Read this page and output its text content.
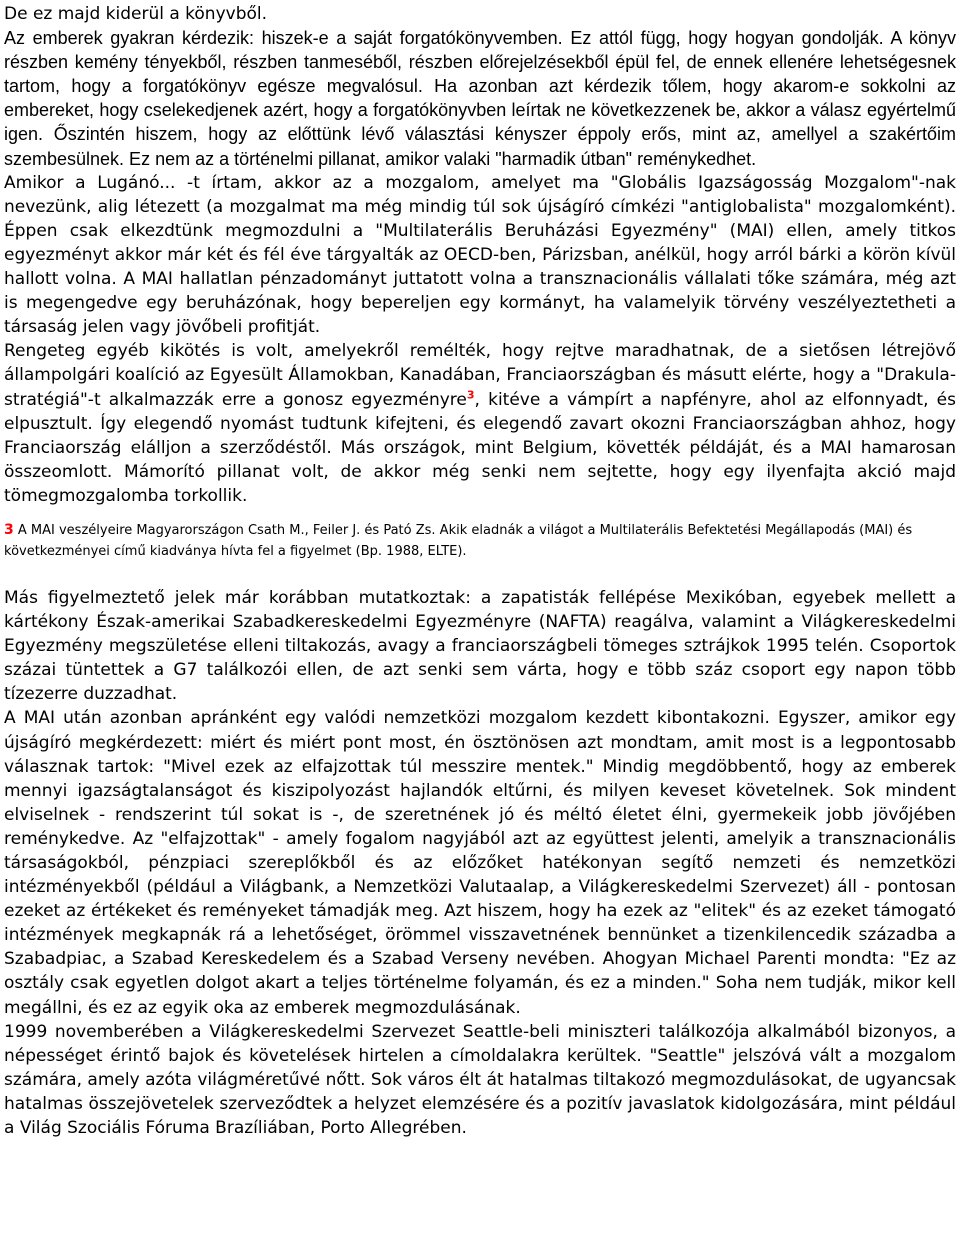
De ez majd kiderül a könyvből.

Az emberek gyakran kérdezik: hiszek-e a saját forgatókönyvemben. Ez attól függ, hogy hogyan gondolják. A könyv részben kemény tényekből, részben tanmeséből, részben előrejelzésekből épül fel, de ennek ellenére lehetségesnek tartom, hogy a forgatókönyv egésze megvalósul. Ha azonban azt kérdezik tőlem, hogy akarom-e sokkolni az embereket, hogy cselekedjenek azért, hogy a forgatókönyvben leírtak ne következzenek be, akkor a válasz egyértelmű igen. Őszintén hiszem, hogy az előttünk lévő választási kényszer éppoly erős, mint az, amellyel a szakértőim szembesülnek. Ez nem az a történelmi pillanat, amikor valaki "harmadik útban" reménykedhet.

Amikor a Lugánó... -t írtam, akkor az a mozgalom, amelyet ma "Globális Igazságosság Mozgalom"-nak nevezünk, alig létezett (a mozgalmat ma még mindig túl sok újságíró címkézi "antiglobalista" mozgalomként). Éppen csak elkezdtünk megmozdulni a "Multilaterális Beruházási Egyezmény" (MAI) ellen, amely titkos egyezményt akkor már két és fél éve tárgyalták az OECD-ben, Párizsban, anélkül, hogy arról bárki a körön kívül hallott volna. A MAI hallatlan pénzadományt juttatott volna a transznacionális vállalati tőke számára, még azt is megengedve egy beruházónak, hogy bepereljen egy kormányt, ha valamelyik törvény veszélyeztetheti a társaság jelen vagy jövőbeli profitját.

Rengeteg egyéb kikötés is volt, amelyekről remélték, hogy rejtve maradhatnak, de a sietősen létrejövő állampolgári koalíció az Egyesült Államokban, Kanadában, Franciaországban és másutt elérte, hogy a "Drakula-stratégiá"-t alkalmazzák erre a gonosz egyezményre$^3$, kitéve a vámpírt a napfényre, ahol az elfonnyadt, és elpusztult. Így elegendő nyomást tudtunk kifejteni, és elegendő zavart okozni Franciaországban ahhoz, hogy Franciaország elálljon a szerződéstől. Más országok, mint Belgium, követték példáját, és a MAI hamarosan összeomlott. Mámorító pillanat volt, de akkor még senki nem sejtette, hogy egy ilyenfajta akció majd tömegmozgalomba torkollik.

3 A MAI veszélyeire Magyarországon Csath M., Feiler J. és Pató Zs. Akik eladnák a világot a Multilaterális Befektetési Megállapodás (MAI) és következményei című kiadványa hívta fel a figyelmet (Bp. 1988, ELTE).

Más figyelmeztető jelek már korábban mutatkoztak: a zapatisták fellépése Mexikóban, egyebek mellett a kártékony Észak-amerikai Szabadkereskedelmi Egyezményre (NAFTA) reagálva, valamint a Világkereskedelmi Egyezmény megszületése elleni tiltakozás, avagy a franciaországbeli tömeges sztrájkok 1995 telén. Csoportok százai tüntettek a G7 találkozói ellen, de azt senki sem várta, hogy e több száz csoport egy napon több tízezerre duzzadhat.

A MAI után azonban apránként egy valódi nemzetközi mozgalom kezdett kibontakozni. Egyszer, amikor egy újságíró megkérdezett: miért és miért pont most, én ösztönösen azt mondtam, amit most is a legpontosabb válasznak tartok: "Mivel ezek az elfajzottak túl messzire mentek." Mindig megdöbbentő, hogy az emberek mennyi igazságtalanságot és kiszipolyozást hajlandók eltűrni, és milyen keveset követelnek. Sok mindent elviselnek - rendszerint túl sokat is -, de szeretnének jó és méltó életet élni, gyermekeik jobb jövőjében reménykedve. Az "elfajzottak" - amely fogalom nagyjából azt az együttest jelenti, amelyik a transznacionális társaságokból, pénzpiaci szereplőkből és az előzőket hatékonyan segítő nemzeti és nemzetközi intézményekből (például a Világbank, a Nemzetközi Valutaalap, a Világkereskedelmi Szervezet) áll - pontosan ezeket az értékeket és reményeket támadják meg. Azt hiszem, hogy ha ezek az "elitek" és az ezeket támogató intézmények megkapnák rá a lehetőséget, örömmel visszavetnének bennünket a tizenkilencedik századba a Szabadpiac, a Szabad Kereskedelem és a Szabad Verseny nevében. Ahogyan Michael Parenti mondta: "Ez az osztály csak egyetlen dolgot akart a teljes történelme folyamán, és ez a minden." Soha nem tudják, mikor kell megállni, és ez az egyik oka az emberek megmozdulásának.

1999 novemberében a Világkereskedelmi Szervezet Seattle-beli miniszteri találkozója alkalmából bizonyos, a népességet érintő bajok és követelések hirtelen a címoldalakra kerültek. "Seattle" jelszóvá vált a mozgalom számára, amely azóta világméretűvé nőtt. Sok város élt át hatalmas tiltakozó megmozdulásokat, de ugyancsak hatalmas összejövetelek szerveződtek a helyzet elemzésére és a pozitív javaslatok kidolgozására, mint például a Világ Szociális Fóruma Brazíliában, Porto Allegrében.
